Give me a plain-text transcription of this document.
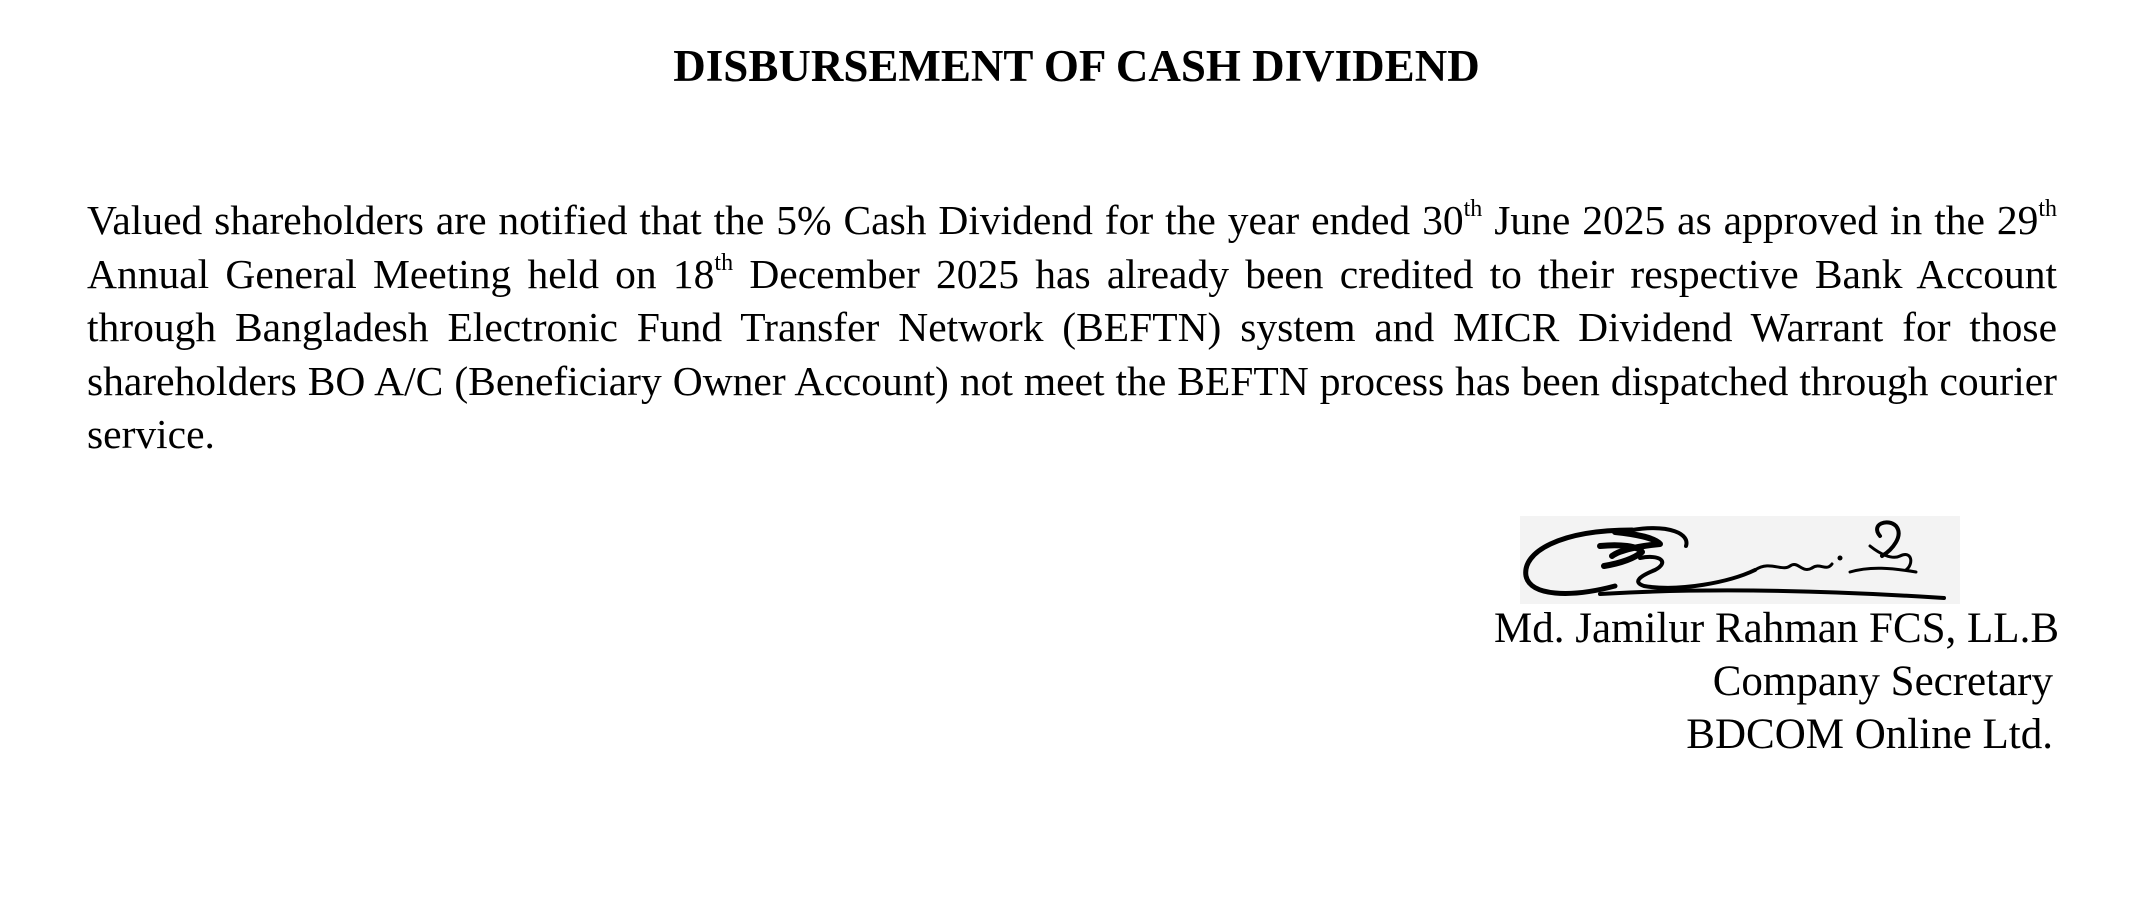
DISBURSEMENT OF CASH DIVIDEND
Valued shareholders are notified that the 5% Cash Dividend for the year ended 30th June 2025 as approved in the 29th Annual General Meeting held on 18th December 2025 has already been credited to their respective Bank Account through Bangladesh Electronic Fund Transfer Network (BEFTN) system and MICR Dividend Warrant for those shareholders BO A/C (Beneficiary Owner Account) not meet the BEFTN process has been dispatched through courier service.
Md. Jamilur Rahman FCS, LL.B
Company Secretary
BDCOM Online Ltd.
